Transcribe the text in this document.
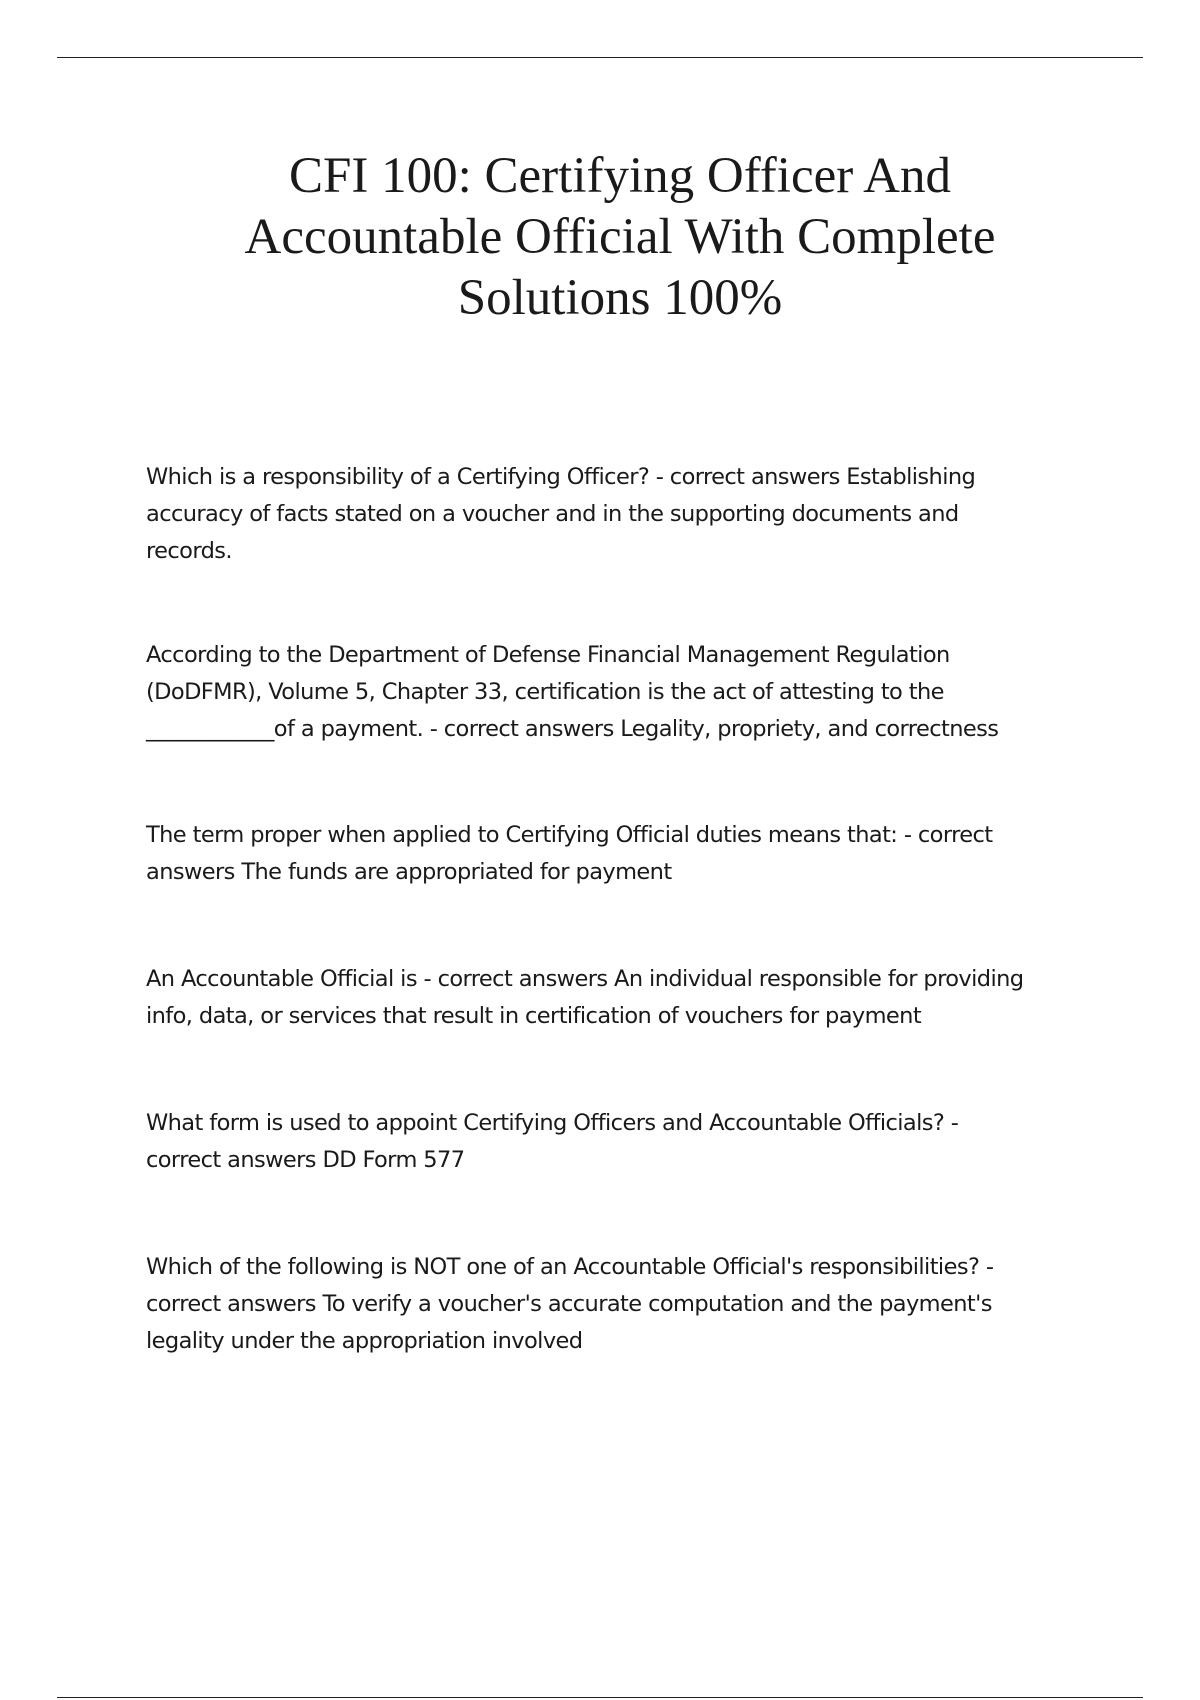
CFI 100: Certifying Officer And
Accountable Official With Complete
Solutions 100%

Which is a responsibility of a Certifying Officer? - correct answers Establishing
accuracy of facts stated on a voucher and in the supporting documents and
records.

According to the Department of Defense Financial Management Regulation
(DoDFMR), Volume 5, Chapter 33, certification is the act of attesting to the
____________of a payment. - correct answers Legality, propriety, and correctness

The term proper when applied to Certifying Official duties means that: - correct
answers The funds are appropriated for payment

An Accountable Official is - correct answers An individual responsible for providing
info, data, or services that result in certification of vouchers for payment

What form is used to appoint Certifying Officers and Accountable Officials? -
correct answers DD Form 577

Which of the following is NOT one of an Accountable Official's responsibilities? -
correct answers To verify a voucher's accurate computation and the payment's
legality under the appropriation involved
